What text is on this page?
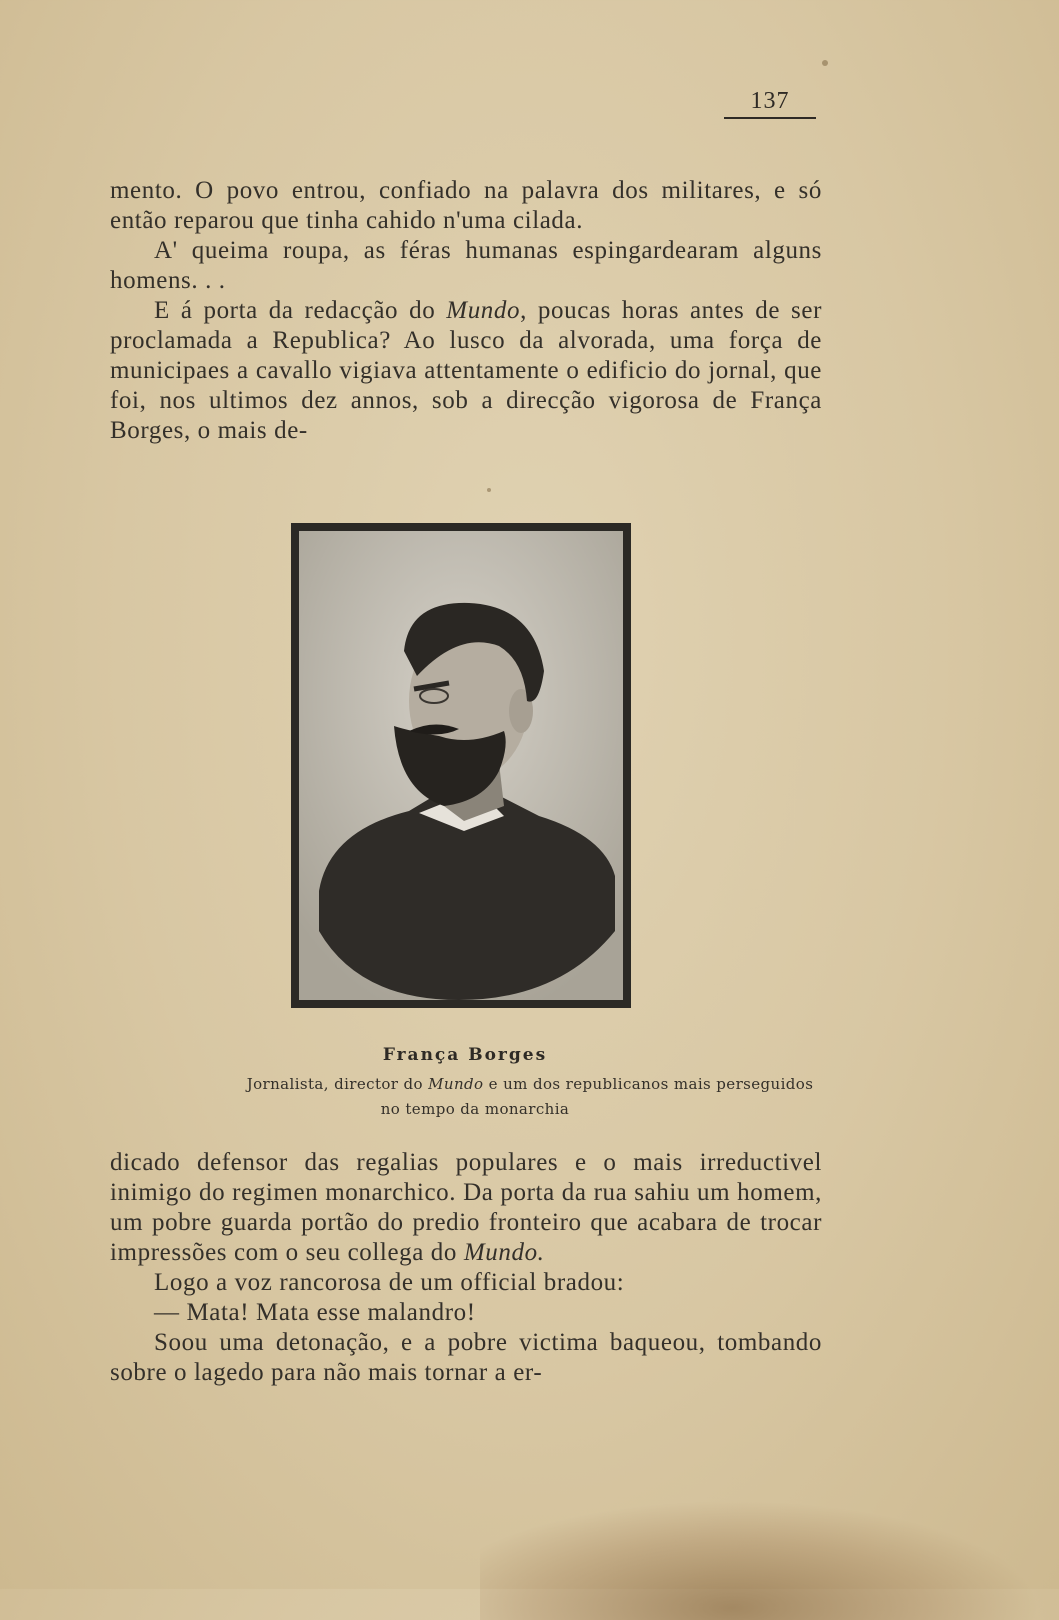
137

mento. O povo entrou, confiado na palavra dos militares, e só então reparou que tinha cahido n'uma cilada.

A' queima roupa, as féras humanas espingardearam alguns homens. . .

E á porta da redacção do Mundo, poucas horas antes de ser proclamada a Republica? Ao lusco da alvorada, uma força de municipaes a cavallo vigiava attentamente o edificio do jornal, que foi, nos ultimos dez annos, sob a direcção vigorosa de França Borges, o mais de-

França Borges
Jornalista, director do Mundo e um dos republicanos mais perseguidos
no tempo da monarchia

dicado defensor das regalias populares e o mais irreductivel inimigo do regimen monarchico. Da porta da rua sahiu um homem, um pobre guarda portão do predio fronteiro que acabara de trocar impressões com o seu collega do Mundo.

Logo a voz rancorosa de um official bradou:

— Mata! Mata esse malandro!

Soou uma detonação, e a pobre victima baqueou, tombando sobre o lagedo para não mais tornar a er-
